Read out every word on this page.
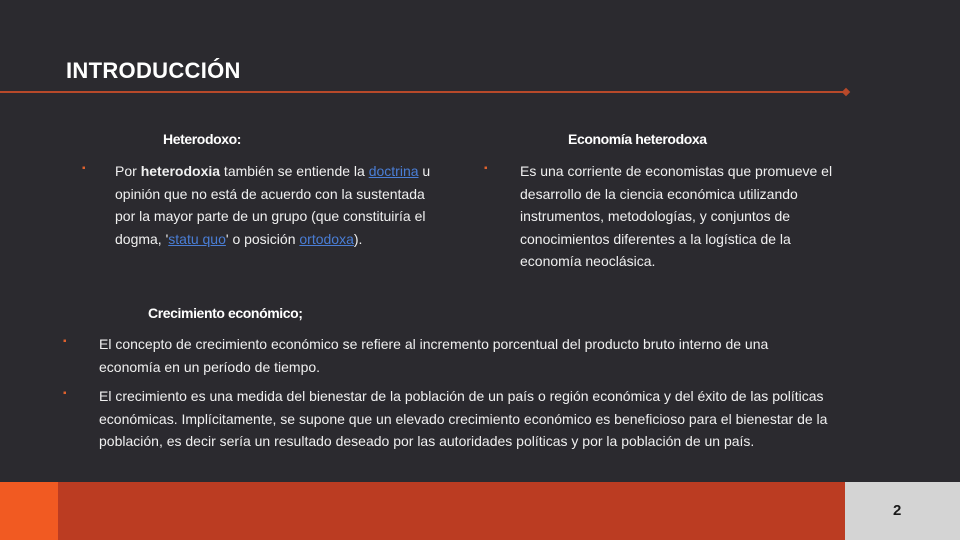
INTRODUCCIÓN
Heterodoxo:
▪ Por heterodoxia también se entiende la doctrina u opinión que no está de acuerdo con la sustentada por la mayor parte de un grupo (que constituiría el dogma, 'statu quo' o posición ortodoxa).
Economía heterodoxa
▪ Es una corriente de economistas que promueve el desarrollo de la ciencia económica utilizando instrumentos, metodologías, y conjuntos de conocimientos diferentes a la logística de la economía neoclásica.
Crecimiento económico;
▪ El concepto de crecimiento económico se refiere al incremento porcentual del producto bruto interno de una economía en un período de tiempo.
▪ El crecimiento es una medida del bienestar de la población de un país o región económica y del éxito de las políticas económicas. Implícitamente, se supone que un elevado crecimiento económico es beneficioso para el bienestar de la población, es decir sería un resultado deseado por las autoridades políticas y por la población de un país.
2
